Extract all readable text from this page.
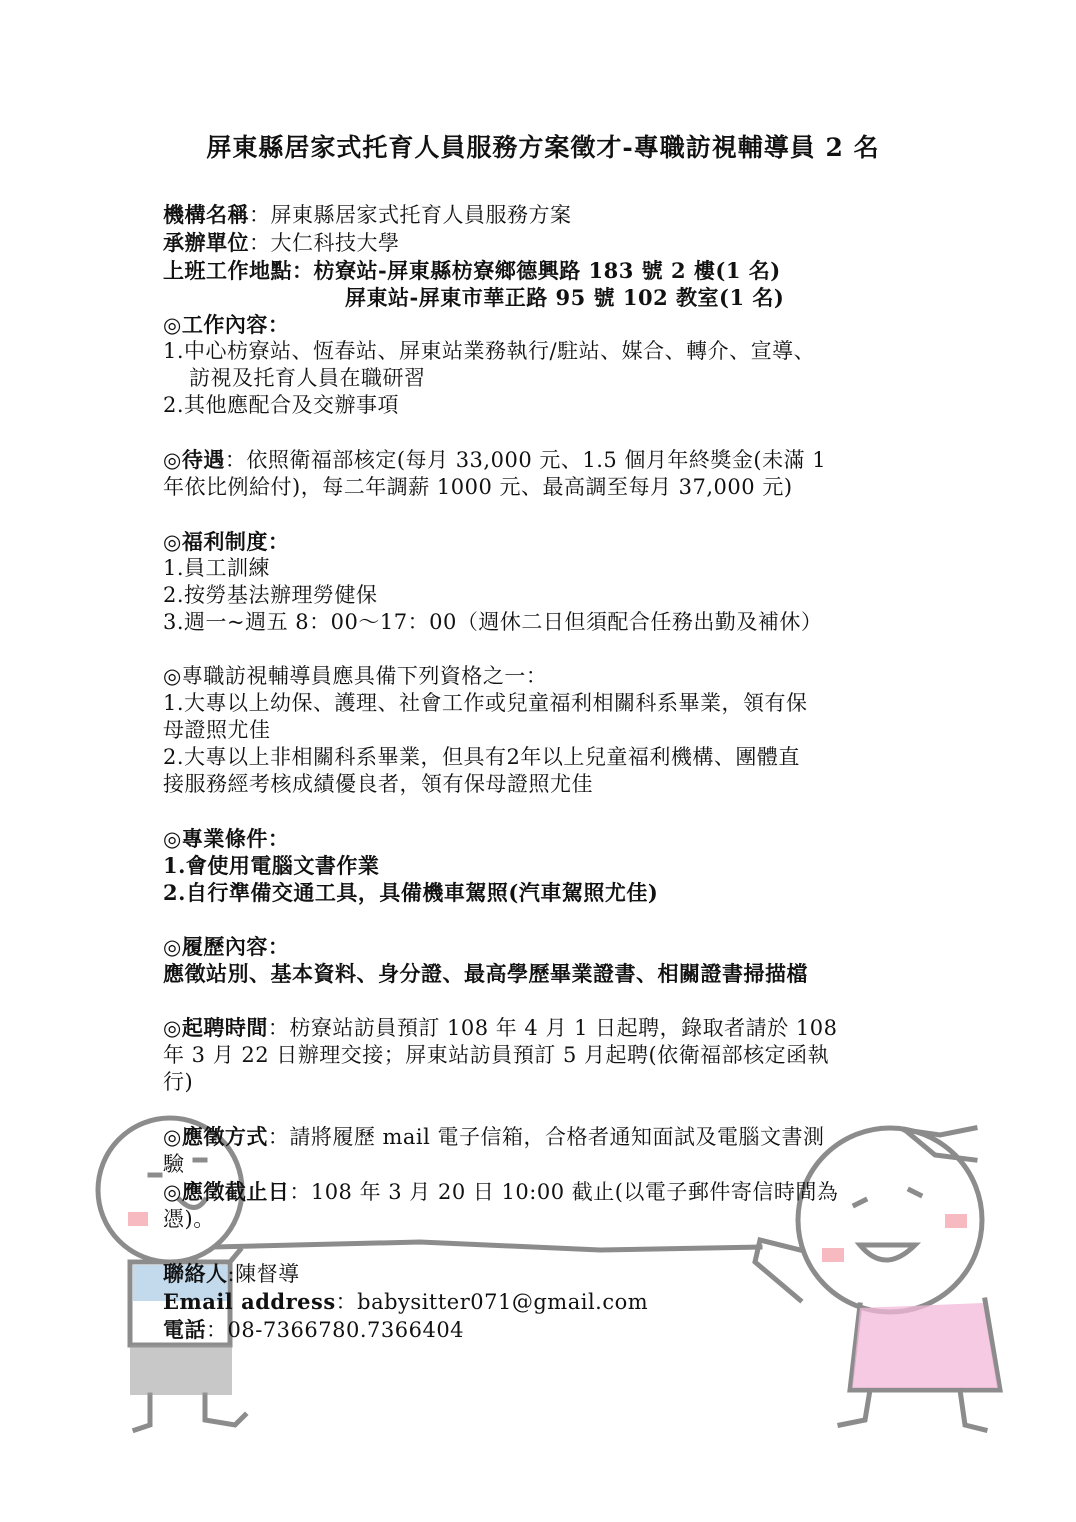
屏東縣居家式托育人員服務方案徵才-專職訪視輔導員 2 名
機構名稱：屏東縣居家式托育人員服務方案
承辦單位：大仁科技大學
上班工作地點：枋寮站-屏東縣枋寮鄉德興路 183 號 2 樓(1 名)
屏東站-屏東市華正路 95 號 102 教室(1 名)
◎工作內容：
1.中心枋寮站、恆春站、屏東站業務執行/駐站、媒合、轉介、宣導、
訪視及托育人員在職研習
2.其他應配合及交辦事項
◎待遇：依照衛福部核定(每月 33,000 元、1.5 個月年終獎金(未滿 1
年依比例給付)，每二年調薪 1000 元、最高調至每月 37,000 元)
◎福利制度：
1.員工訓練
2.按勞基法辦理勞健保
3.週一~週五 8：00～17：00（週休二日但須配合任務出勤及補休）
◎專職訪視輔導員應具備下列資格之一：
1.大專以上幼保、護理、社會工作或兒童福利相關科系畢業，領有保
母證照尤佳
2.大專以上非相關科系畢業，但具有2年以上兒童福利機構、團體直
接服務經考核成績優良者，領有保母證照尤佳
◎專業條件：
1.會使用電腦文書作業
2.自行準備交通工具，具備機車駕照(汽車駕照尤佳)
◎履歷內容：
應徵站別、基本資料、身分證、最高學歷畢業證書、相關證書掃描檔
◎起聘時間：枋寮站訪員預訂 108 年 4 月 1 日起聘，錄取者請於 108
年 3 月 22 日辦理交接；屏東站訪員預訂 5 月起聘(依衛福部核定函執
行)
◎應徵方式：請將履歷 mail 電子信箱，合格者通知面試及電腦文書測
驗
◎應徵截止日：108 年 3 月 20 日 10:00 截止(以電子郵件寄信時間為
憑)。
聯絡人:陳督導
Email address：babysitter071@gmail.com
電話：08-7366780.7366404
